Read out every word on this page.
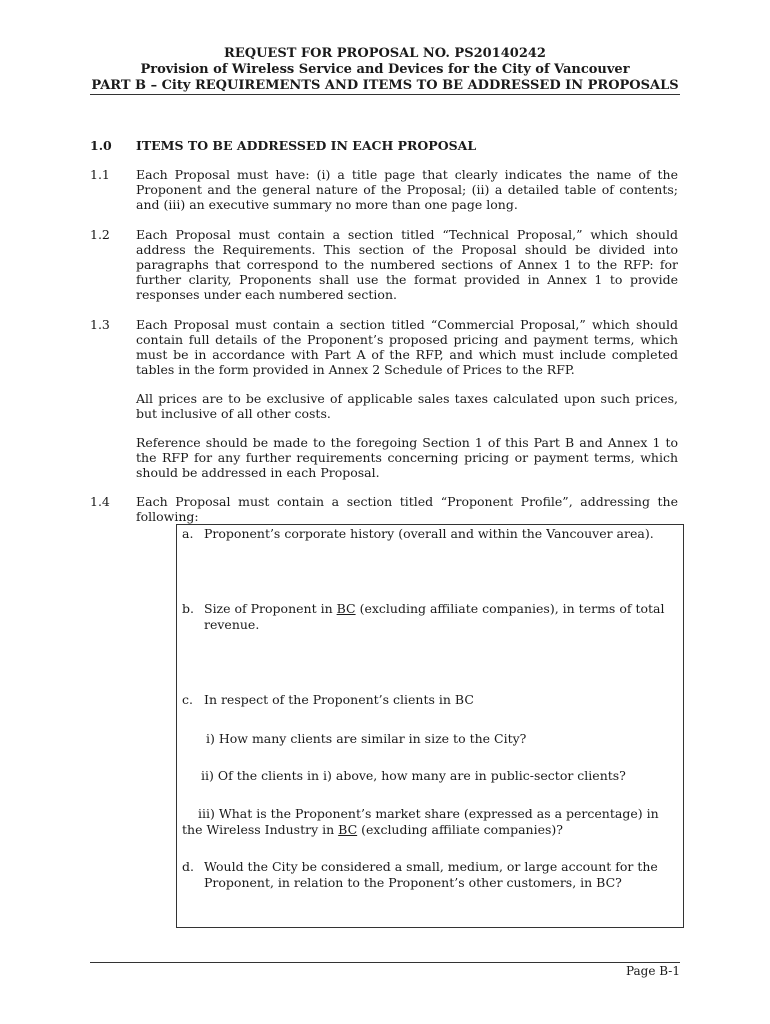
REQUEST FOR PROPOSAL NO. PS20140242
Provision of Wireless Service and Devices for the City of Vancouver
PART B – City REQUIREMENTS AND ITEMS TO BE ADDRESSED IN PROPOSALS
1.0 ITEMS TO BE ADDRESSED IN EACH PROPOSAL
1.1 Each Proposal must have: (i) a title page that clearly indicates the name of the Proponent and the general nature of the Proposal; (ii) a detailed table of contents; and (iii) an executive summary no more than one page long.
1.2 Each Proposal must contain a section titled “Technical Proposal,” which should address the Requirements. This section of the Proposal should be divided into paragraphs that correspond to the numbered sections of Annex 1 to the RFP: for further clarity, Proponents shall use the format provided in Annex 1 to provide responses under each numbered section.
1.3 Each Proposal must contain a section titled “Commercial Proposal,” which should contain full details of the Proponent’s proposed pricing and payment terms, which must be in accordance with Part A of the RFP, and which must include completed tables in the form provided in Annex 2 Schedule of Prices to the RFP.
All prices are to be exclusive of applicable sales taxes calculated upon such prices, but inclusive of all other costs.
Reference should be made to the foregoing Section 1 of this Part B and Annex 1 to the RFP for any further requirements concerning pricing or payment terms, which should be addressed in each Proposal.
1.4 Each Proposal must contain a section titled “Proponent Profile”, addressing the following:
a. Proponent’s corporate history (overall and within the Vancouver area).
b. Size of Proponent in BC (excluding affiliate companies), in terms of total revenue.
c. In respect of the Proponent’s clients in BC
i) How many clients are similar in size to the City?
ii) Of the clients in i) above, how many are in public-sector clients?
iii) What is the Proponent’s market share (expressed as a percentage) in
the Wireless Industry in BC (excluding affiliate companies)?
d. Would the City be considered a small, medium, or large account for the Proponent, in relation to the Proponent’s other customers, in BC?
Page B-1
